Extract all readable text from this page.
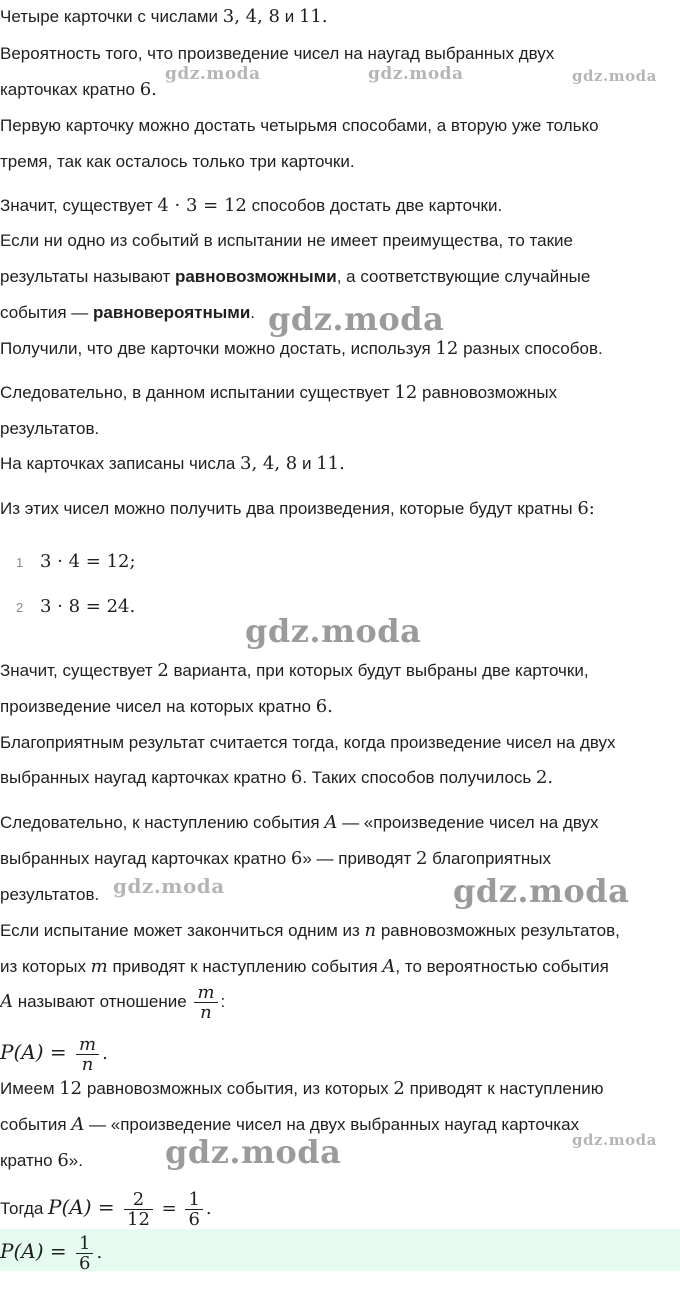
Четыре карточки с числами 3, 4, 8 и 11.
Вероятность того, что произведение чисел на наугад выбранных двух
карточках кратно 6.
Первую карточку можно достать четырьмя способами, а вторую уже только
тремя, так как осталось только три карточки.
Значит, существует 4 · 3 = 12 способов достать две карточки.
Если ни одно из событий в испытании не имеет преимущества, то такие
результаты называют равновозможными, а соответствующие случайные
события — равновероятными.
Получили, что две карточки можно достать, используя 12 разных способов.
Следовательно, в данном испытании существует 12 равновозможных
результатов.
На карточках записаны числа 3, 4, 8 и 11.
Из этих чисел можно получить два произведения, которые будут кратны 6:
1 3 · 4 = 12;
2 3 · 8 = 24.
Значит, существует 2 варианта, при которых будут выбраны две карточки,
произведение чисел на которых кратно 6.
Благоприятным результат считается тогда, когда произведение чисел на двух
выбранных наугад карточках кратно 6. Таких способов получилось 2.
Следовательно, к наступлению события A — «произведение чисел на двух
выбранных наугад карточках кратно 6» — приводят 2 благоприятных
результатов.
Если испытание может закончиться одним из n равновозможных результатов,
из которых m приводят к наступлению события A, то вероятностью события
A называют отношение $\frac{m}{n}$ :
$P(A) = \frac{m}{n}$ .
Имеем 12 равновозможных события, из которых 2 приводят к наступлению
события A — «произведение чисел на двух выбранных наугад карточках
кратно 6».
Тогда $P(A) = \frac{2}{12} = \frac{1}{6}$ .
$P(A) = \frac{1}{6}$ .
gdz.moda	gdz.moda	gdz.moda
gdz.moda
gdz.moda
gdz.moda	gdz.moda
gdz.moda
gdz.moda
